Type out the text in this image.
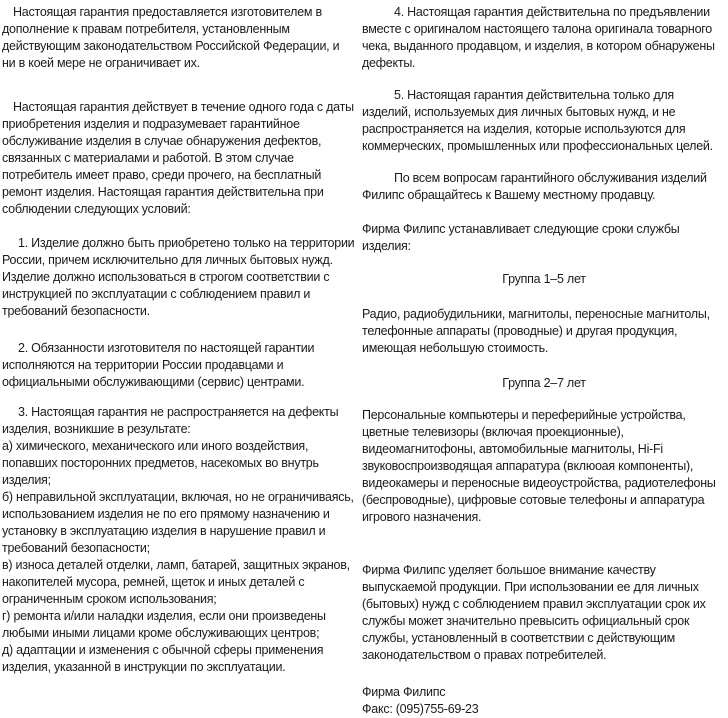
Настоящая гарантия предоставляется изготовителем в дополнение к правам потребителя, установленным действующим законодательством Российской Федерации, и ни в коей мере не ограничивает их.

Настоящая гарантия действует в течение одного года с даты приобретения изделия и подразумевает гарантийное обслуживание изделия в случае обнаружения дефектов, связанных с материалами и работой. В этом случае потребитель имеет право, среди прочего, на бесплатный ремонт изделия. Настоящая гарантия действительна при соблюдении следующих условий:

1. Изделие должно быть приобретено только на территории России, причем исключительно для личных бытовых нужд. Изделие должно использоваться в строгом соответствии с инструкцией по эксплуатации с соблюдением правил и требований безопасности.

2. Обязанности изготовителя по настоящей гарантии исполняются на территории России продавцами и официальными обслуживающими (сервис) центрами.

3. Настоящая гарантия не распространяется на дефекты изделия, возникшие в результате:

а) химического, механического или иного воздействия, попавших посторонних предметов, насекомых во внутрь изделия;

б) неправильной эксплуатации, включая, но не ограничиваясь, использованием изделия не по его прямому назначению и установку в эксплуатацию изделия в нарушение правил и требований безопасности;

в) износа деталей отделки, ламп, батарей, защитных экранов, накопителей мусора, ремней, щеток и иных деталей с ограниченным сроком использования;

г) ремонта и/или наладки изделия, если они произведены любыми иными лицами кроме обслуживающих центров;

д) адаптации и изменения с обычной сферы применения изделия, указанной в инструкции по эксплуатации.

4. Настоящая гарантия действительна по предъявлении вместе с оригиналом настоящего талона оригинала товарного чека, выданного продавцом, и изделия, в котором обнаружены дефекты.

5. Настоящая гарантия действительна только для изделий, используемых дия личных бытовых нужд, и не распространяется на изделия, которые используются для коммерческих, промышленных или профессиональных целей.

По всем вопросам гарантийного обслуживания изделий Филипс обращайтесь к Вашему местному продавцу.

Фирма Филипс устанавливает следующие сроки службы изделия:

Группа 1–5 лет

Радио, радиобудильники, магнитолы, переносные магнитолы, телефонные аппараты (проводные) и другая продукция, имеющая небольшую стоимость.

Группа 2–7 лет

Персональные компьютеры и переферийные устройства, цветные телевизоры (включая проекционные), видеомагнитофоны, автомобильные магнитолы, Hi-Fi звуковоспроизводящая аппаратура (вклюоая компоненты), видеокамеры и переносные видеоустройства, радиотелефоны (беспроводные), цифровые сотовые телефоны и аппаратура игрового назначения.

Фирма Филипс уделяет большое внимание качеству выпускаемой продукции. При использовании ее для личных (бытовых) нужд с соблюдением правил эксплуатации срок их службы может значительно превысить официальный срок службы, установленный в соответствии с действующим законодательством о правах потребителей.

Фирма Филипс

Факс: (095)755-69-23
